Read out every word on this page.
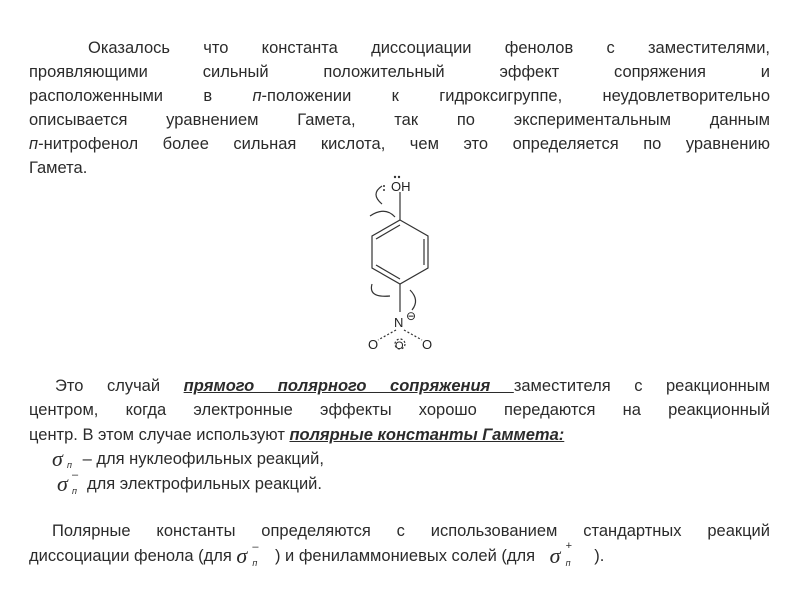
Оказалось что константа диссоциации фенолов с заместителями,
проявляющими сильный положительный эффект сопряжения и
расположенными в п-положении к гидроксигруппе, неудовлетворительно
описывается уравнением Гамета, так по экспериментальным данным
п-нитрофенол более сильная кислота, чем это определяется по уравнению
Гамета.
OH
N ⊖
O O O
Это случай прямого полярного сопряжения заместителя с реакционным
центром, когда электронные эффекты хорошо передаются на реакционный
центр. В этом случае используют полярные константы Гаммета:
σ п – для нуклеофильных реакций,
σ п
– для электрофильных реакций.
Полярные константы определяются с использованием стандартных реакций
диссоциации фенола (для σ п
– ) и фениламмониевых солей (для σ п
+
).
